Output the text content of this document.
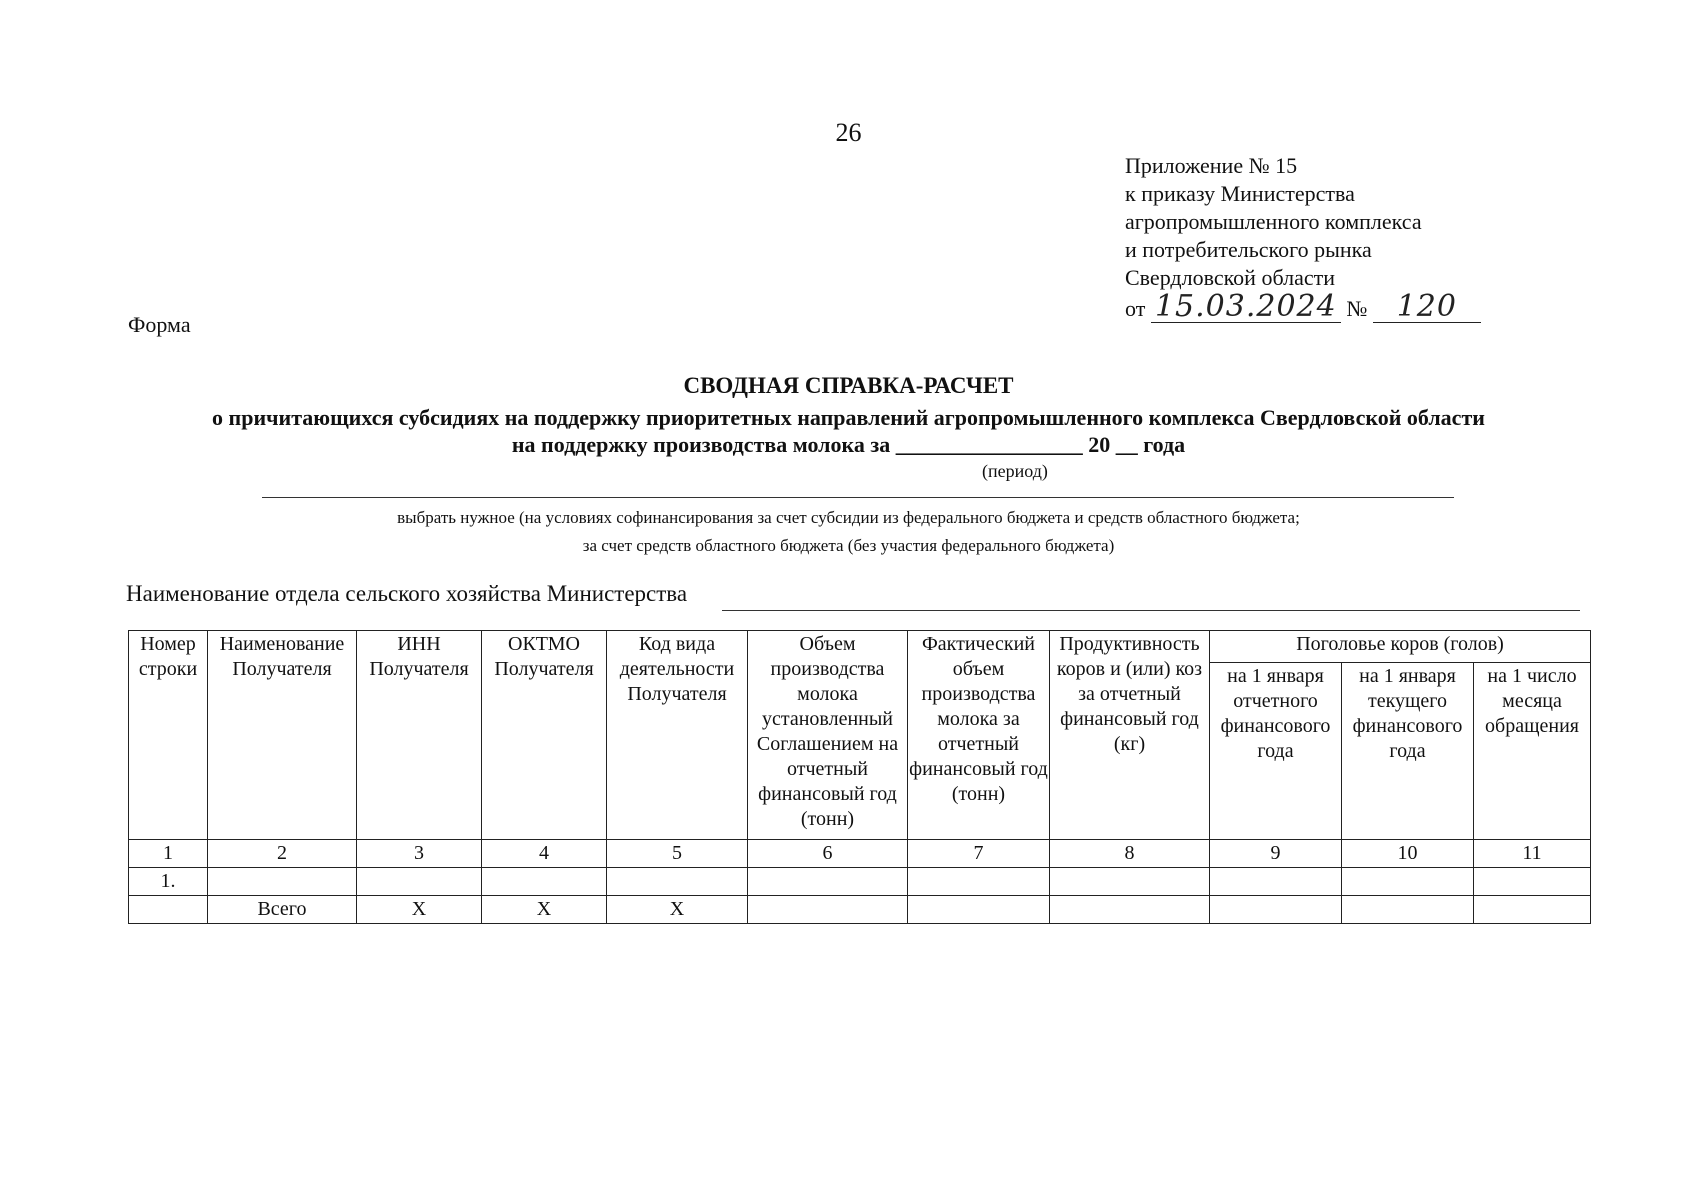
26
Приложение № 15
к приказу Министерства
агропромышленного комплекса
и потребительского рынка
Свердловской области
от 15.03.2024 № 120
Форма
СВОДНАЯ СПРАВКА-РАСЧЕТ
о причитающихся субсидиях на поддержку приоритетных направлений агропромышленного комплекса Свердловской области
на поддержку производства молока за _________________ 20 __ года
(период)
выбрать нужное (на условиях софинансирования за счет субсидии из федерального бюджета и средств областного бюджета;
за счет средств областного бюджета (без участия федерального бюджета)
Наименование отдела сельского хозяйства Министерства
Номер строки	Наименование Получателя	ИНН Получателя	ОКТМО Получателя	Код вида деятельности Получателя	Объем производства молока установленный Соглашением на отчетный финансовый год (тонн)	Фактический объем производства молока за отчетный финансовый год (тонн)	Продуктивность коров и (или) коз за отчетный финансовый год (кг)	Поголовье коров (голов)		
								на 1 января отчетного финансового года	на 1 января текущего финансового года	на 1 число месяца обращения
1	2	3	4	5	6	7	8	9	10	11
1.										
	Всего	X	X	X						
